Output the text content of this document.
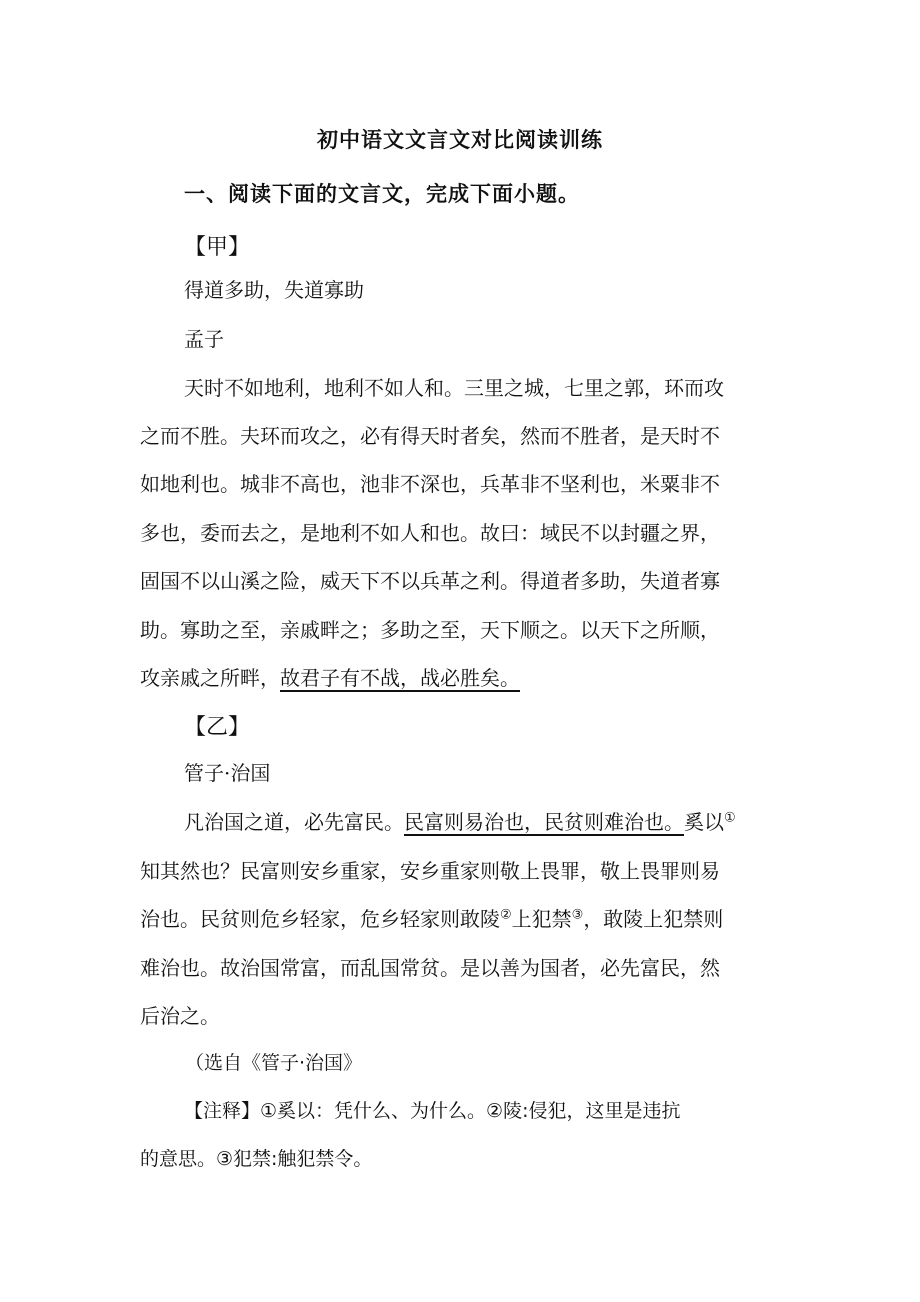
初中语文文言文对比阅读训练
一、阅读下面的文言文，完成下面小题。
【甲】
得道多助，失道寡助
孟子
天时不如地利，地利不如人和。三里之城，七里之郭，环而攻
之而不胜。夫环而攻之，必有得天时者矣，然而不胜者，是天时不
如地利也。城非不高也，池非不深也，兵革非不坚利也，米粟非不
多也，委而去之，是地利不如人和也。故曰：域民不以封疆之界，
固国不以山溪之险，威天下不以兵革之利。得道者多助，失道者寡
助。寡助之至，亲戚畔之；多助之至，天下顺之。以天下之所顺，
攻亲戚之所畔，故君子有不战，战必胜矣。
【乙】
管子·治国
凡治国之道，必先富民。民富则易治也，民贫则难治也。奚以①
知其然也？民富则安乡重家，安乡重家则敬上畏罪，敬上畏罪则易
治也。民贫则危乡轻家，危乡轻家则敢陵②上犯禁③，敢陵上犯禁则
难治也。故治国常富，而乱国常贫。是以善为国者，必先富民，然
后治之。
（选自《管子·治国》
【注释】①奚以：凭什么、为什么。②陵:侵犯，这里是违抗
的意思。③犯禁:触犯禁令。
